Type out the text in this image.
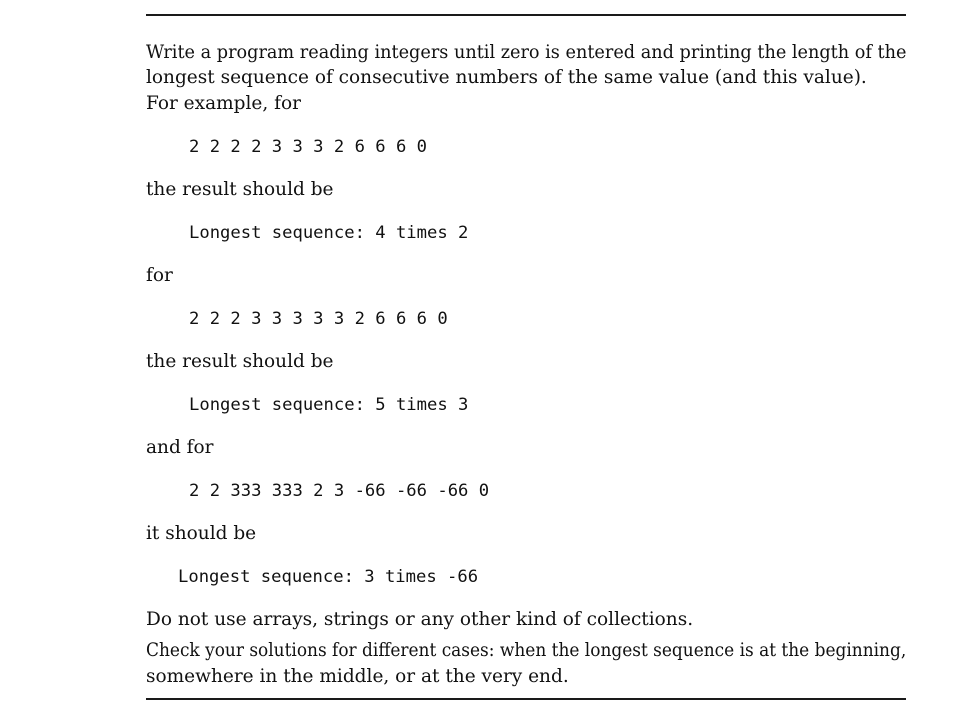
Write a program reading integers until zero is entered and printing the length of the

longest sequence of consecutive numbers of the same value (and this value).

For example, for

2 2 2 2 3 3 3 2 6 6 6 0

the result should be

Longest sequence: 4 times 2

for

2 2 2 3 3 3 3 3 2 6 6 6 0

the result should be

Longest sequence: 5 times 3

and for

2 2 333 333 2 3 -66 -66 -66 0

it should be

Longest sequence: 3 times -66

Do not use arrays, strings or any other kind of collections.

Check your solutions for different cases: when the longest sequence is at the beginning,

somewhere in the middle, or at the very end.
